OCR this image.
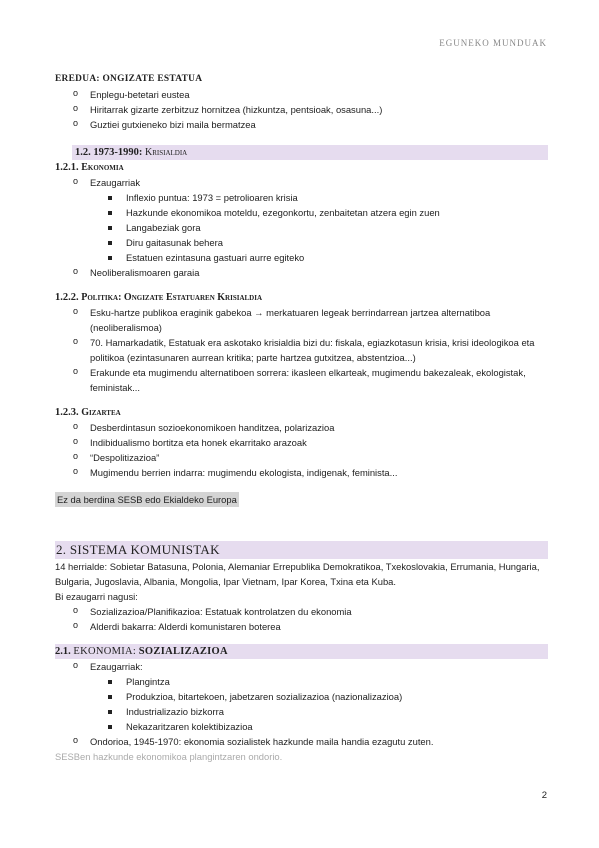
EGUNEKO MUNDUAK
EREDUA: ONGIZATE ESTATUA
o Enplegu-betetari eustea
o Hiritarrak gizarte zerbitzuz hornitzea (hizkuntza, pentsioak, osasuna...)
o Guztiei gutxieneko bizi maila bermatzea
1.2. 1973-1990: Krisialdia
1.2.1. Ekonomia
o Ezaugarriak
Inflexio puntua: 1973 = petrolioaren krisia
Hazkunde ekonomikoa moteldu, ezegonkortu, zenbaitetan atzera egin zuen
Langabeziak gora
Diru gaitasunak behera
Estatuen ezintasuna gastuari aurre egiteko
o Neoliberalismoaren garaia
1.2.2. Politika: Ongizate Estatuaren Krisialdia
o Esku-hartze publikoa eraginik gabekoa → merkatuaren legeak berrindarrean jartzea alternatiboa (neoliberalismoa)
o 70. Hamarkadatik, Estatuak era askotako krisialdia bizi du: fiskala, egiazkotasun krisia, krisi ideologikoa eta politikoa (ezintasunaren aurrean kritika; parte hartzea gutxitzea, abstentzioa...)
o Erakunde eta mugimendu alternatiboen sorrera: ikasleen elkarteak, mugimendu bakezaleak, ekologistak, feministak...
1.2.3. Gizartea
o Desberdintasun sozioekonomikoen handitzea, polarizazioa
o Indibidualismo bortitza eta honek ekarritako arazoak
o “Despolitizazioa”
o Mugimendu berrien indarra: mugimendu ekologista, indigenak, feminista...
Ez da berdina SESB edo Ekialdeko Europa
2. SISTEMA KOMUNISTAK
14 herrialde: Sobietar Batasuna, Polonia, Alemaniar Errepublika Demokratikoa, Txekoslovakia, Errumania, Hungaria, Bulgaria, Jugoslavia, Albania, Mongolia, Ipar Vietnam, Ipar Korea, Txina eta Kuba.
Bi ezaugarri nagusi:
o Sozializazioa/Planifikazioa: Estatuak kontrolatzen du ekonomia
o Alderdi bakarra: Alderdi komunistaren boterea
2.1. EKONOMIA: SOZIALIZAZIOA
o Ezaugarriak:
Plangintza
Produkzioa, bitartekoen, jabetzaren sozializazioa (nazionalizazioa)
Industrializazio bizkorra
Nekazaritzaren kolektibizazioa
o Ondorioa, 1945-1970: ekonomia sozialistek hazkunde maila handia ezagutu zuten.
SESBen hazkunde ekonomikoa plangintzaren ondorio.
2
